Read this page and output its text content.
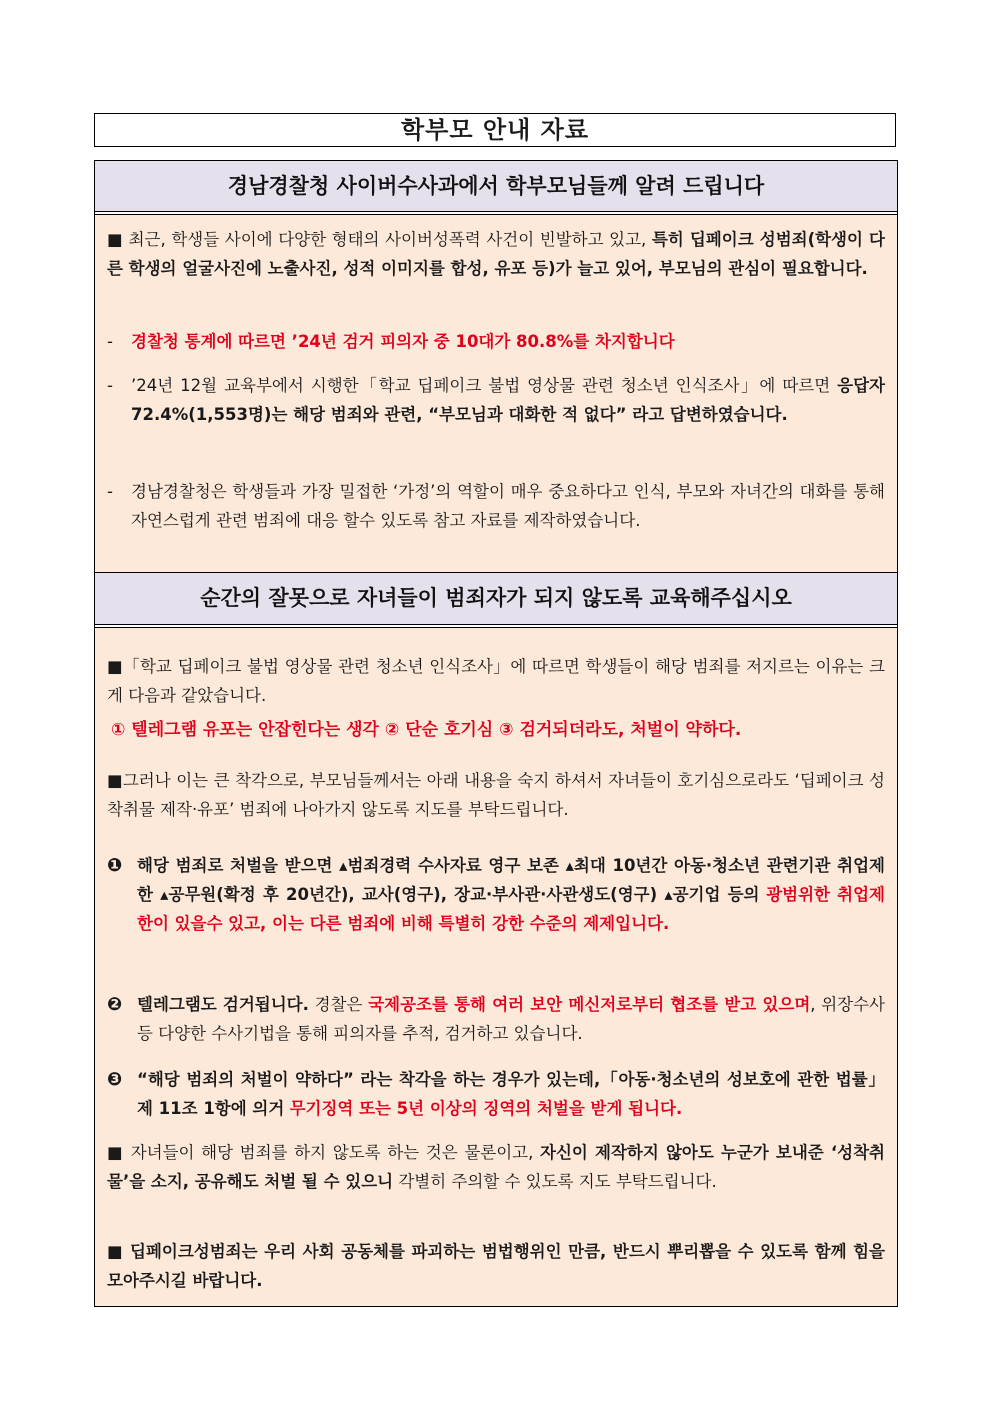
학부모 안내 자료
경남경찰청 사이버수사과에서 학부모님들께 알려 드립니다
■ 최근, 학생들 사이에 다양한 형태의 사이버성폭력 사건이 빈발하고 있고, 특히 딥페이크 성범죄(학생이 다른 학생의 얼굴사진에 노출사진, 성적 이미지를 합성, 유포 등)가 늘고 있어, 부모님의 관심이 필요합니다.
-	경찰청 통계에 따르면 ’24년 검거 피의자 중 10대가 80.8%를 차지합니다
-	’24년 12월 교육부에서 시행한「학교 딥페이크 불법 영상물 관련 청소년 인식조사」에 따르면 응답자 72.4%(1,553명)는 해당 범죄와 관련, “부모님과 대화한 적 없다” 라고 답변하였습니다.
-	경남경찰청은 학생들과 가장 밀접한 ‘가정’의 역할이 매우 중요하다고 인식, 부모와 자녀간의 대화를 통해 자연스럽게 관련 범죄에 대응 할수 있도록 참고 자료를 제작하였습니다.
순간의 잘못으로 자녀들이 범죄자가 되지 않도록 교육해주십시오
■「학교 딥페이크 불법 영상물 관련 청소년 인식조사」에 따르면 학생들이 해당 범죄를 저지르는 이유는 크게 다음과 같았습니다.
① 텔레그램 유포는 안잡힌다는 생각 ② 단순 호기심 ③ 검거되더라도, 처벌이 약하다.
■그러나 이는 큰 착각으로, 부모님들께서는 아래 내용을 숙지 하셔서 자녀들이 호기심으로라도 ‘딥페이크 성착취물 제작·유포’ 범죄에 나아가지 않도록 지도를 부탁드립니다.
❶ 해당 범죄로 처벌을 받으면 ▴범죄경력 수사자료 영구 보존 ▴최대 10년간 아동·청소년 관련기관 취업제한 ▴공무원(확정 후 20년간), 교사(영구), 장교·부사관·사관생도(영구) ▴공기업 등의 광범위한 취업제한이 있을수 있고, 이는 다른 범죄에 비해 특별히 강한 수준의 제제입니다.
❷ 텔레그램도 검거됩니다. 경찰은 국제공조를 통해 여러 보안 메신저로부터 협조를 받고 있으며, 위장수사 등 다양한 수사기법을 통해 피의자를 추적, 검거하고 있습니다.
❸ “해당 범죄의 처벌이 약하다” 라는 착각을 하는 경우가 있는데,「아동·청소년의 성보호에 관한 법률」제 11조 1항에 의거 무기징역 또는 5년 이상의 징역의 처벌을 받게 됩니다.
■ 자녀들이 해당 범죄를 하지 않도록 하는 것은 물론이고, 자신이 제작하지 않아도 누군가 보내준 ‘성착취물’을 소지, 공유해도 처벌 될 수 있으니 각별히 주의할 수 있도록 지도 부탁드립니다.
■ 딥페이크성범죄는 우리 사회 공동체를 파괴하는 범법행위인 만큼, 반드시 뿌리뽑을 수 있도록 함께 힘을 모아주시길 바랍니다.
